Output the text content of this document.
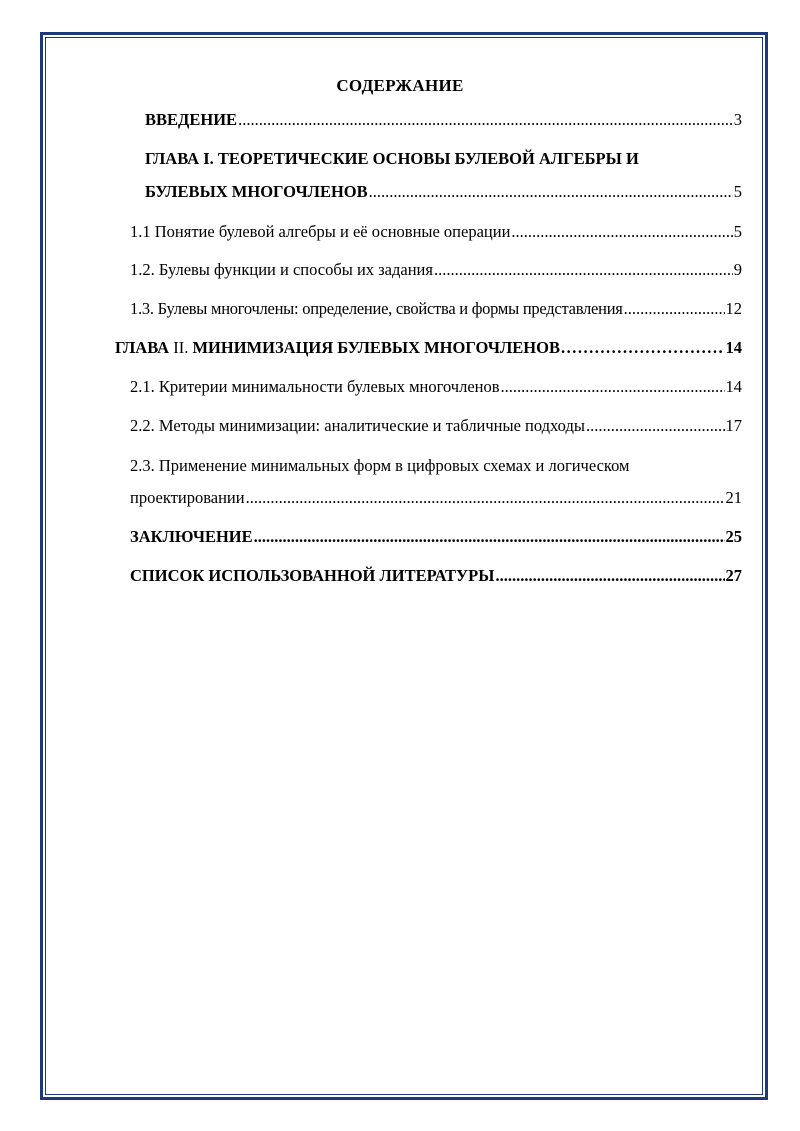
СОДЕРЖАНИЕ
ВВЕДЕНИЕ .....	3
ГЛАВА I. ТЕОРЕТИЧЕСКИЕ ОСНОВЫ БУЛЕВОЙ АЛГЕБРЫ И
БУЛЕВЫХ МНОГОЧЛЕНОВ .....	5
1.1 Понятие булевой алгебры и её основные операции .....	5
1.2. Булевы функции и способы их задания .....	9
1.3. Булевы многочлены: определение, свойства и формы представления .....	12
ГЛАВА II. МИНИМИЗАЦИЯ БУЛЕВЫХ МНОГОЧЛЕНОВ .....	14
2.1. Критерии минимальности булевых многочленов .....	14
2.2. Методы минимизации: аналитические и табличные подходы .....	17
2.3. Применение минимальных форм в цифровых схемах и логическом
проектировании .....	21
ЗАКЛЮЧЕНИЕ .....	25
СПИСОК ИСПОЛЬЗОВАННОЙ ЛИТЕРАТУРЫ .....	27
